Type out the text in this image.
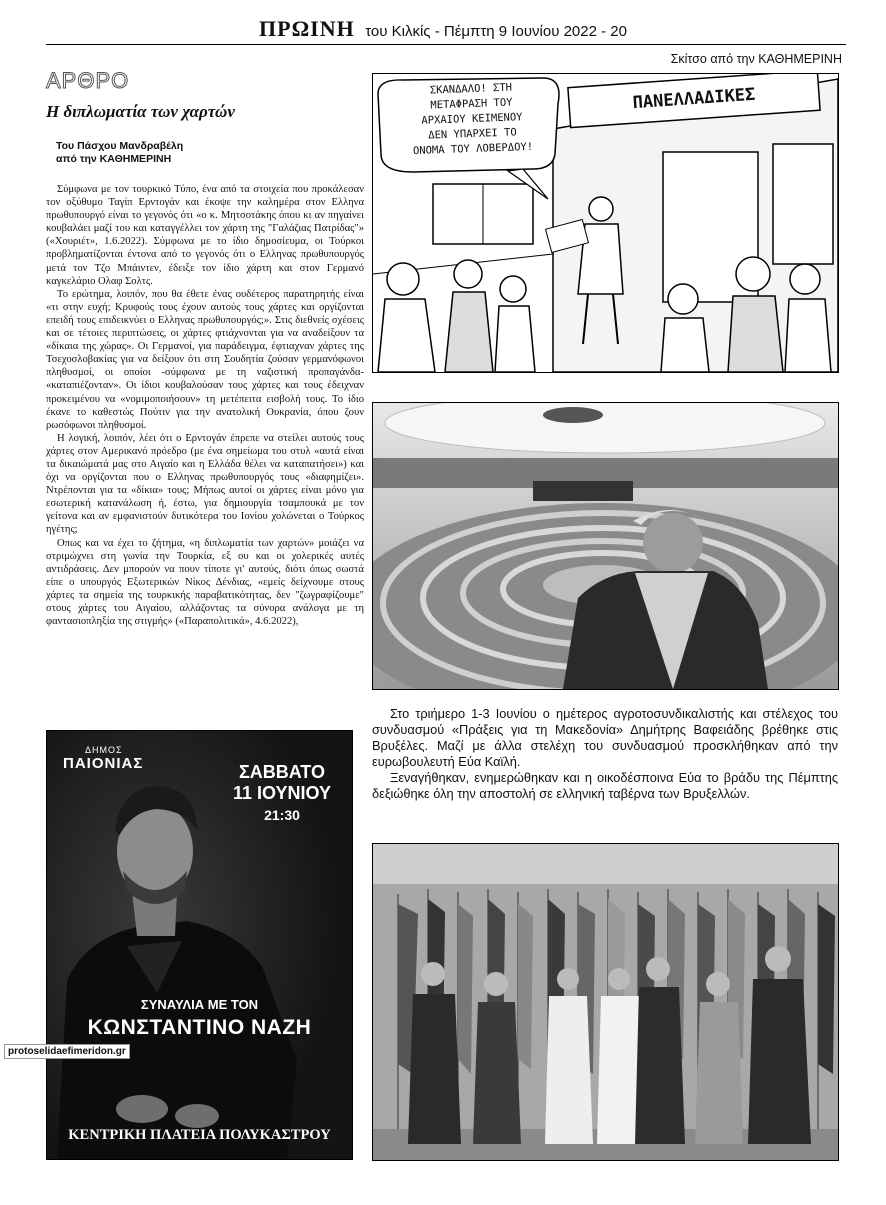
ΠΡΩΙΝΗ του Κιλκίς - Πέμπτη 9 Ιουνίου 2022 - 20
Σκίτσο από την ΚΑΘΗΜΕΡΙΝΗ
ΑΡΘΡΟ
Η διπλωματία των χαρτών
Του Πάσχου Μανδραβέλη
από την ΚΑΘΗΜΕΡΙΝΗ

Σύμφωνα με τον τουρκικό Τύπο, ένα από τα στοιχεία που προκάλεσαν τον οξύθυμο Ταγίπ Ερντογάν και έκοψε την καλημέρα στον Ελληνα πρωθυπουργό είναι το γεγονός ότι «ο κ. Μητσοτάκης όπου κι αν πηγαίνει κουβαλάει μαζί του και καταγγέλλει τον χάρτη της "Γαλάζιας Πατρίδας"» («Χουριέτ», 1.6.2022). Σύμφωνα με το ίδιο δημοσίευμα, οι Τούρκοι προβληματίζονται έντονα από το γεγονός ότι ο Ελληνας πρωθυπουργός μετά τον Τζο Μπάιντεν, έδειξε τον ίδιο χάρτη και στον Γερμανό καγκελάριο Ολαφ Σολτς.

Το ερώτημα, λοιπόν, που θα έθετε ένας ουδέτερος παρατηρητής είναι «τι στην ευχή; Κρυφούς τους έχουν αυτούς τους χάρτες και οργίζονται επειδή τους επιδεικνύει ο Ελληνας πρωθυπουργός;». Στις διεθνείς σχέσεις και σε τέτοιες περιπτώσεις, οι χάρτες φτιάχνονται για να αναδείξουν τα «δίκαια της χώρας». Οι Γερμανοί, για παράδειγμα, έφτιαχναν χάρτες της Τσεχοσλοβακίας για να δείξουν ότι στη Σουδητία ζούσαν γερμανόφωνοι πληθυσμοί, οι οποίοι -σύμφωνα με τη ναζιστική προπαγάνδα- «καταπιέζονταν». Οι ίδιοι κουβαλούσαν τους χάρτες και τους έδειχναν προκειμένου να «νομιμοποιήσουν» τη μετέπειτα εισβολή τους. Το ίδιο έκανε το καθεστώς Πούτιν για την ανατολική Ουκρανία, όπου ζουν ρωσόφωνοι πληθυσμοί.

Η λογική, λοιπόν, λέει ότι ο Ερντογάν έπρεπε να στείλει αυτούς τους χάρτες στον Αμερικανό πρόεδρο (με ένα σημείωμα του στυλ «αυτά είναι τα δικαιώματά μας στο Αιγαίο και η Ελλάδα θέλει να καταπατήσει») και όχι να οργίζονται που ο Ελληνας πρωθυπουργός τους «διαφημίζει». Ντρέπονται για τα «δίκια» τους; Μήπως αυτοί οι χάρτες είναι μόνο για εσωτερική κατανάλωση ή, έστω, για δημιουργία τσαμπουκά με τον γείτονα και αν εμφανιστούν δυτικότερα του Ιονίου χολώνεται ο Τούρκος ηγέτης;

Οπως και να έχει το ζήτημα, «η διπλωματία των χαρτών» μοιάζει να στριμώχνει στη γωνία την Τουρκία, εξ ου και οι χολερικές αυτές αντιδράσεις. Δεν μπορούν να πουν τίποτε γι' αυτούς, διότι όπως σωστά είπε ο υπουργός Εξωτερικών Νίκος Δένδιας, «εμείς δείχνουμε στους χάρτες τα σημεία της τουρκικής παραβατικότητας, δεν "ζωγραφίζουμε" στους χάρτες του Αιγαίου, αλλάζοντας τα σύνορα ανάλογα με τη φαντασιοπληξία της στιγμής» («Παραπολιτικά», 4.6.2022),

ΔΗΜΟΣ
ΠΑΙΟΝΙΑΣ	ΣΑΒΒΑΤΟ
11 ΙΟΥΝΙΟΥ
21:30
ΣΥΝΑΥΛΙΑ ΜΕ ΤΟΝ
ΚΩΝΣΤΑΝΤΙΝΟ ΝΑΖΗ
ΚΕΝΤΡΙΚΗ ΠΛΑΤΕΙΑ ΠΟΛΥΚΑΣΤΡΟΥ
protoselidaefimeridon.gr
ΣΚΑΝΔΑΛΟ! ΣΤΗ
ΜΕΤΑΦΡΑΣΗ ΤΟΥ
ΑΡΧΑΙΟΥ ΚΕΙΜΕΝΟΥ
ΔΕΝ ΥΠΑΡΧΕΙ ΤΟ
ΟΝΟΜΑ ΤΟΥ ΛΟΒΕΡΔΟΥ!
ΠΑΝΕΛΛΑΔΙΚΕΣ

Στο τριήμερο 1-3 Ιουνίου ο ημέτερος αγροτοσυνδικαλιστής και στέλεχος του συνδυασμού «Πράξεις για τη Μακεδονία» Δημήτρης Βαφειάδης βρέθηκε στις Βρυξέλες. Μαζί με άλλα στελέχη του συνδυασμού προσκλήθηκαν από την ευρωβουλευτή Εύα Καϊλή.

Ξεναγήθηκαν, ενημερώθηκαν και η οικοδέσποινα Εύα το βράδυ της Πέμπτης δεξιώθηκε όλη την αποστολή σε ελληνική ταβέρνα των Βρυξελλών.
